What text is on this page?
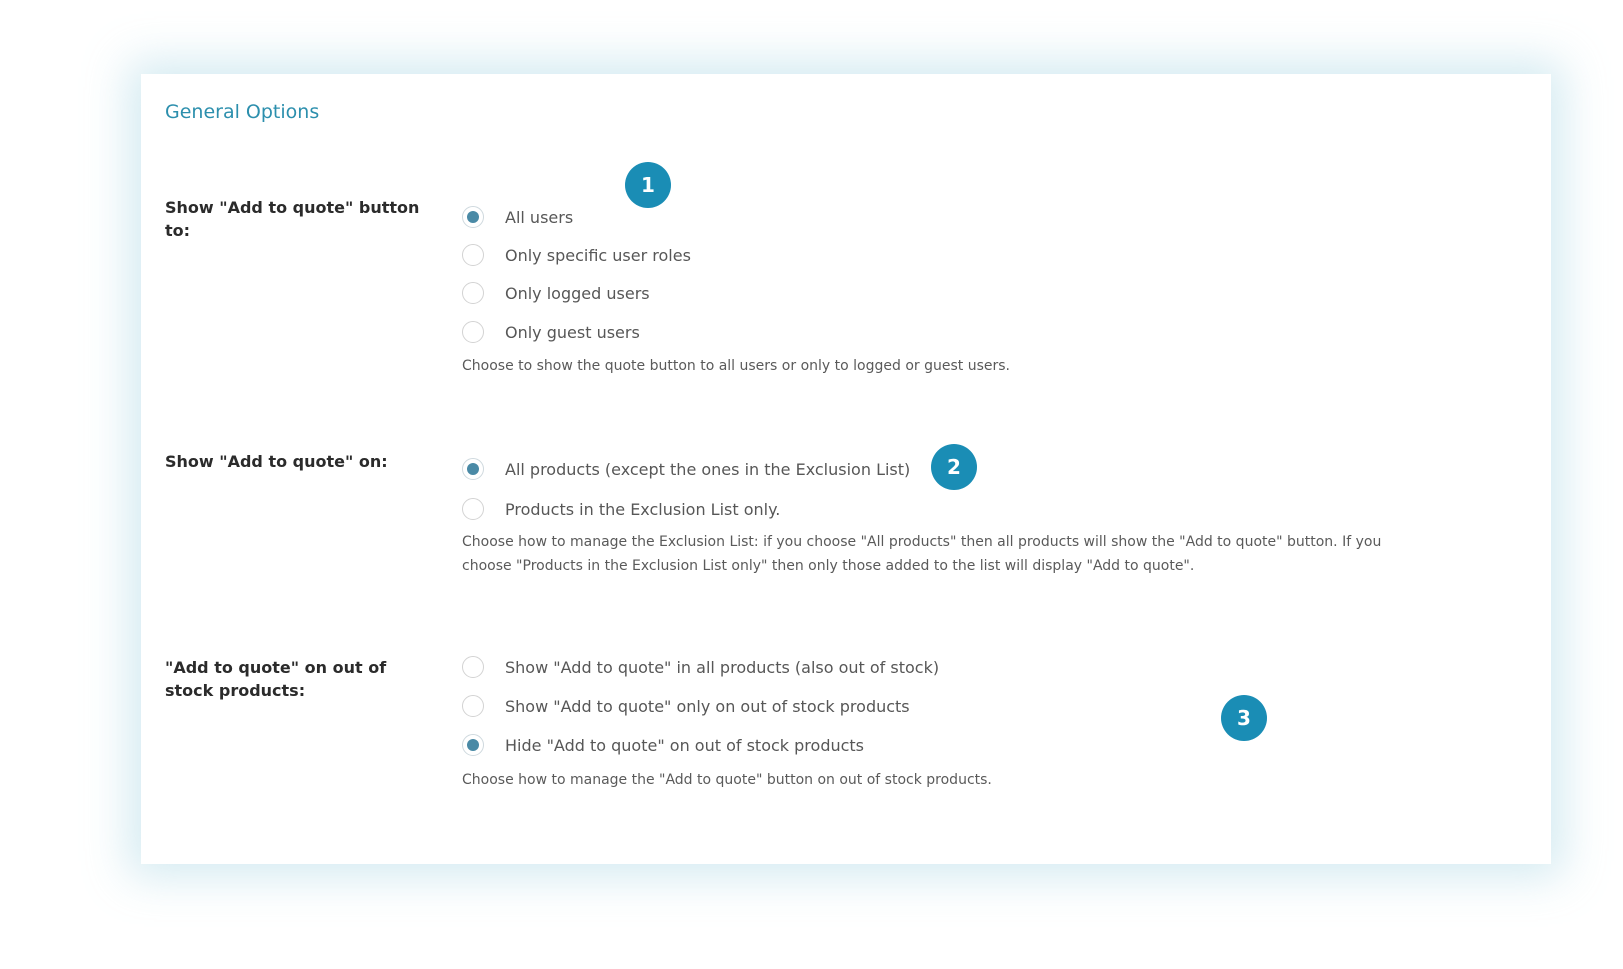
General Options
Show "Add to quote" button to:
All users
Only specific user roles
Only logged users
Only guest users
Choose to show the quote button to all users or only to logged or guest users.
1
Show "Add to quote" on:	All products (except the ones in the Exclusion List)
Products in the Exclusion List only.
Choose how to manage the Exclusion List: if you choose "All products" then all products will show the "Add to quote" button. If you choose "Products in the Exclusion List only" then only those added to the list will display "Add to quote".
2
"Add to quote" on out of stock products:
Show "Add to quote" in all products (also out of stock)
Show "Add to quote" only on out of stock products
Hide "Add to quote" on out of stock products
Choose how to manage the "Add to quote" button on out of stock products.
3
